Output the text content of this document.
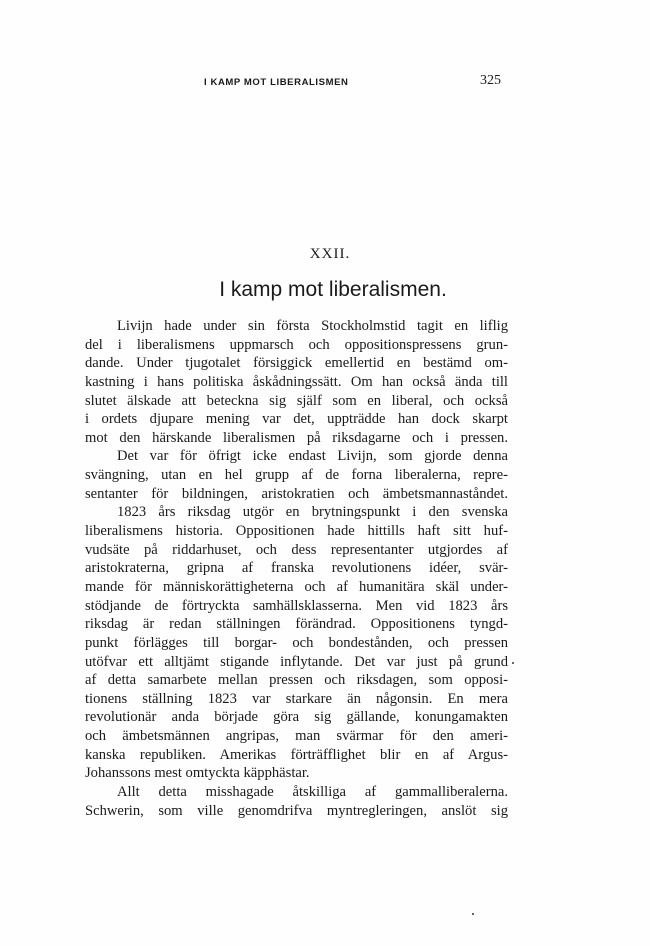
I KAMP MOT LIBERALISMEN	325
XXII.
I kamp mot liberalismen.
Livijn hade under sin första Stockholmstid tagit en liflig
del i liberalismens uppmarsch och oppositionspressens grun-
dande. Under tjugotalet försiggick emellertid en bestämd om-
kastning i hans politiska åskådningssätt. Om han också ända till
slutet älskade att beteckna sig själf som en liberal, och också
i ordets djupare mening var det, uppträdde han dock skarpt
mot den härskande liberalismen på riksdagarne och i pressen.
Det var för öfrigt icke endast Livijn, som gjorde denna
svängning, utan en hel grupp af de forna liberalerna, repre-
sentanter för bildningen, aristokratien och ämbetsmannaståndet.
1823 års riksdag utgör en brytningspunkt i den svenska
liberalismens historia. Oppositionen hade hittills haft sitt huf-
vudsäte på riddarhuset, och dess representanter utgjordes af
aristokraterna, gripna af franska revolutionens idéer, svär-
mande för människorättigheterna och af humanitära skäl under-
stödjande de förtryckta samhällsklasserna. Men vid 1823 års
riksdag är redan ställningen förändrad. Oppositionens tyngd-
punkt förlägges till borgar- och bondestånden, och pressen
utöfvar ett alltjämt stigande inflytande. Det var just på grund
af detta samarbete mellan pressen och riksdagen, som opposi-
tionens ställning 1823 var starkare än någonsin. En mera
revolutionär anda började göra sig gällande, konungamakten
och ämbetsmännen angripas, man svärmar för den ameri-
kanska republiken. Amerikas förträfflighet blir en af Argus-
Johanssons mest omtyckta käpphästar.
Allt detta misshagade åtskilliga af gammalliberalerna.
Schwerin, som ville genomdrifva myntregleringen, anslöt sig
